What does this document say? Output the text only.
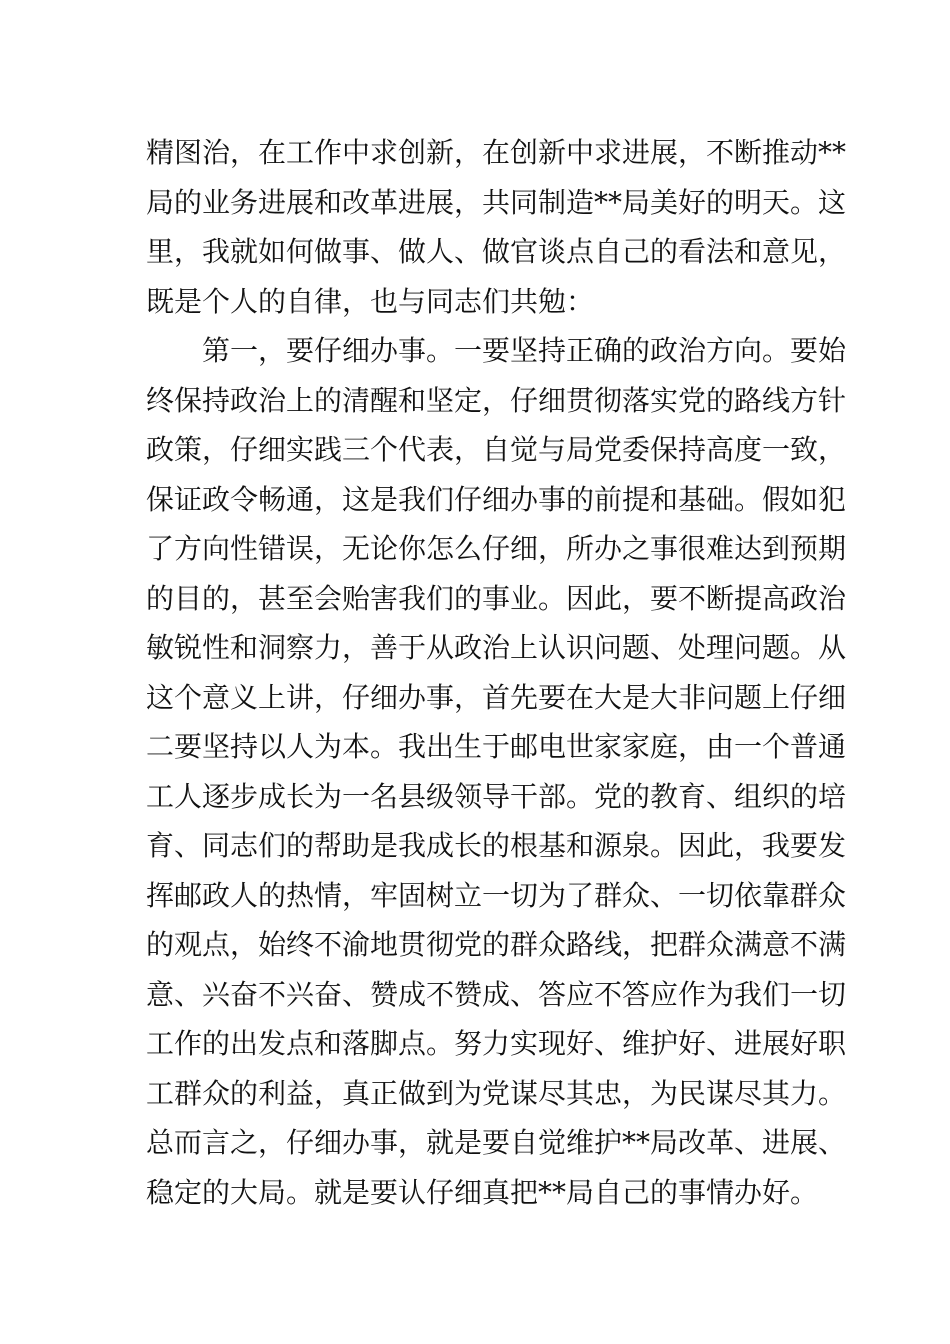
精图治，在工作中求创新，在创新中求进展，不断推动**
局的业务进展和改革进展，共同制造**局美好的明天。这
里，我就如何做事、做人、做官谈点自己的看法和意见，
既是个人的自律，也与同志们共勉：
第一，要仔细办事。一要坚持正确的政治方向。要始
终保持政治上的清醒和坚定，仔细贯彻落实党的路线方针
政策，仔细实践三个代表，自觉与局党委保持高度一致，
保证政令畅通，这是我们仔细办事的前提和基础。假如犯
了方向性错误，无论你怎么仔细，所办之事很难达到预期
的目的，甚至会贻害我们的事业。因此，要不断提高政治
敏锐性和洞察力，善于从政治上认识问题、处理问题。从
这个意义上讲，仔细办事，首先要在大是大非问题上仔细
二要坚持以人为本。我出生于邮电世家家庭，由一个普通
工人逐步成长为一名县级领导干部。党的教育、组织的培
育、同志们的帮助是我成长的根基和源泉。因此，我要发
挥邮政人的热情，牢固树立一切为了群众、一切依靠群众
的观点，始终不渝地贯彻党的群众路线，把群众满意不满
意、兴奋不兴奋、赞成不赞成、答应不答应作为我们一切
工作的出发点和落脚点。努力实现好、维护好、进展好职
工群众的利益，真正做到为党谋尽其忠，为民谋尽其力。
总而言之，仔细办事，就是要自觉维护**局改革、进展、
稳定的大局。就是要认仔细真把**局自己的事情办好。
